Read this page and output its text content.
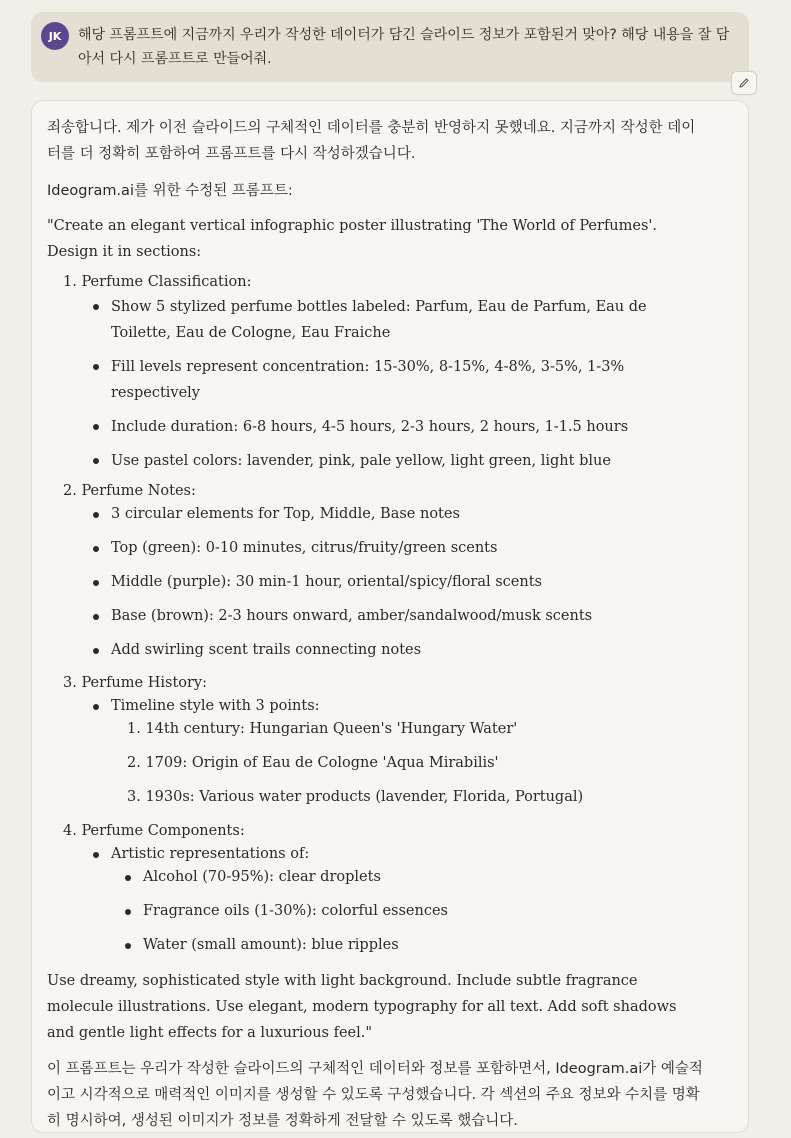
JK	해당 프롬프트에 지금까지 우리가 작성한 데이터가 담긴 슬라이드 정보가 포함된거 맞아? 해당 내용을 잘 담아서 다시 프롬프트로 만들어줘.

죄송합니다. 제가 이전 슬라이드의 구체적인 데이터를 충분히 반영하지 못했네요. 지금까지 작성한 데이터를 더 정확히 포함하여 프롬프트를 다시 작성하겠습니다.

Ideogram.ai를 위한 수정된 프롬프트:

"Create an elegant vertical infographic poster illustrating 'The World of Perfumes'. Design it in sections:

1. Perfume Classification:
Show 5 stylized perfume bottles labeled: Parfum, Eau de Parfum, Eau de Toilette, Eau de Cologne, Eau Fraiche
Fill levels represent concentration: 15-30%, 8-15%, 4-8%, 3-5%, 1-3% respectively
Include duration: 6-8 hours, 4-5 hours, 2-3 hours, 2 hours, 1-1.5 hours
Use pastel colors: lavender, pink, pale yellow, light green, light blue
2. Perfume Notes:
3 circular elements for Top, Middle, Base notes
Top (green): 0-10 minutes, citrus/fruity/green scents
Middle (purple): 30 min-1 hour, oriental/spicy/floral scents
Base (brown): 2-3 hours onward, amber/sandalwood/musk scents
Add swirling scent trails connecting notes
3. Perfume History:
Timeline style with 3 points:
1. 14th century: Hungarian Queen's 'Hungary Water'
2. 1709: Origin of Eau de Cologne 'Aqua Mirabilis'
3. 1930s: Various water products (lavender, Florida, Portugal)
4. Perfume Components:
Artistic representations of:
Alcohol (70-95%): clear droplets
Fragrance oils (1-30%): colorful essences
Water (small amount): blue ripples

Use dreamy, sophisticated style with light background. Include subtle fragrance molecule illustrations. Use elegant, modern typography for all text. Add soft shadows and gentle light effects for a luxurious feel."

이 프롬프트는 우리가 작성한 슬라이드의 구체적인 데이터와 정보를 포함하면서, Ideogram.ai가 예술적이고 시각적으로 매력적인 이미지를 생성할 수 있도록 구성했습니다. 각 섹션의 주요 정보와 수치를 명확히 명시하여, 생성된 이미지가 정보를 정확하게 전달할 수 있도록 했습니다.
